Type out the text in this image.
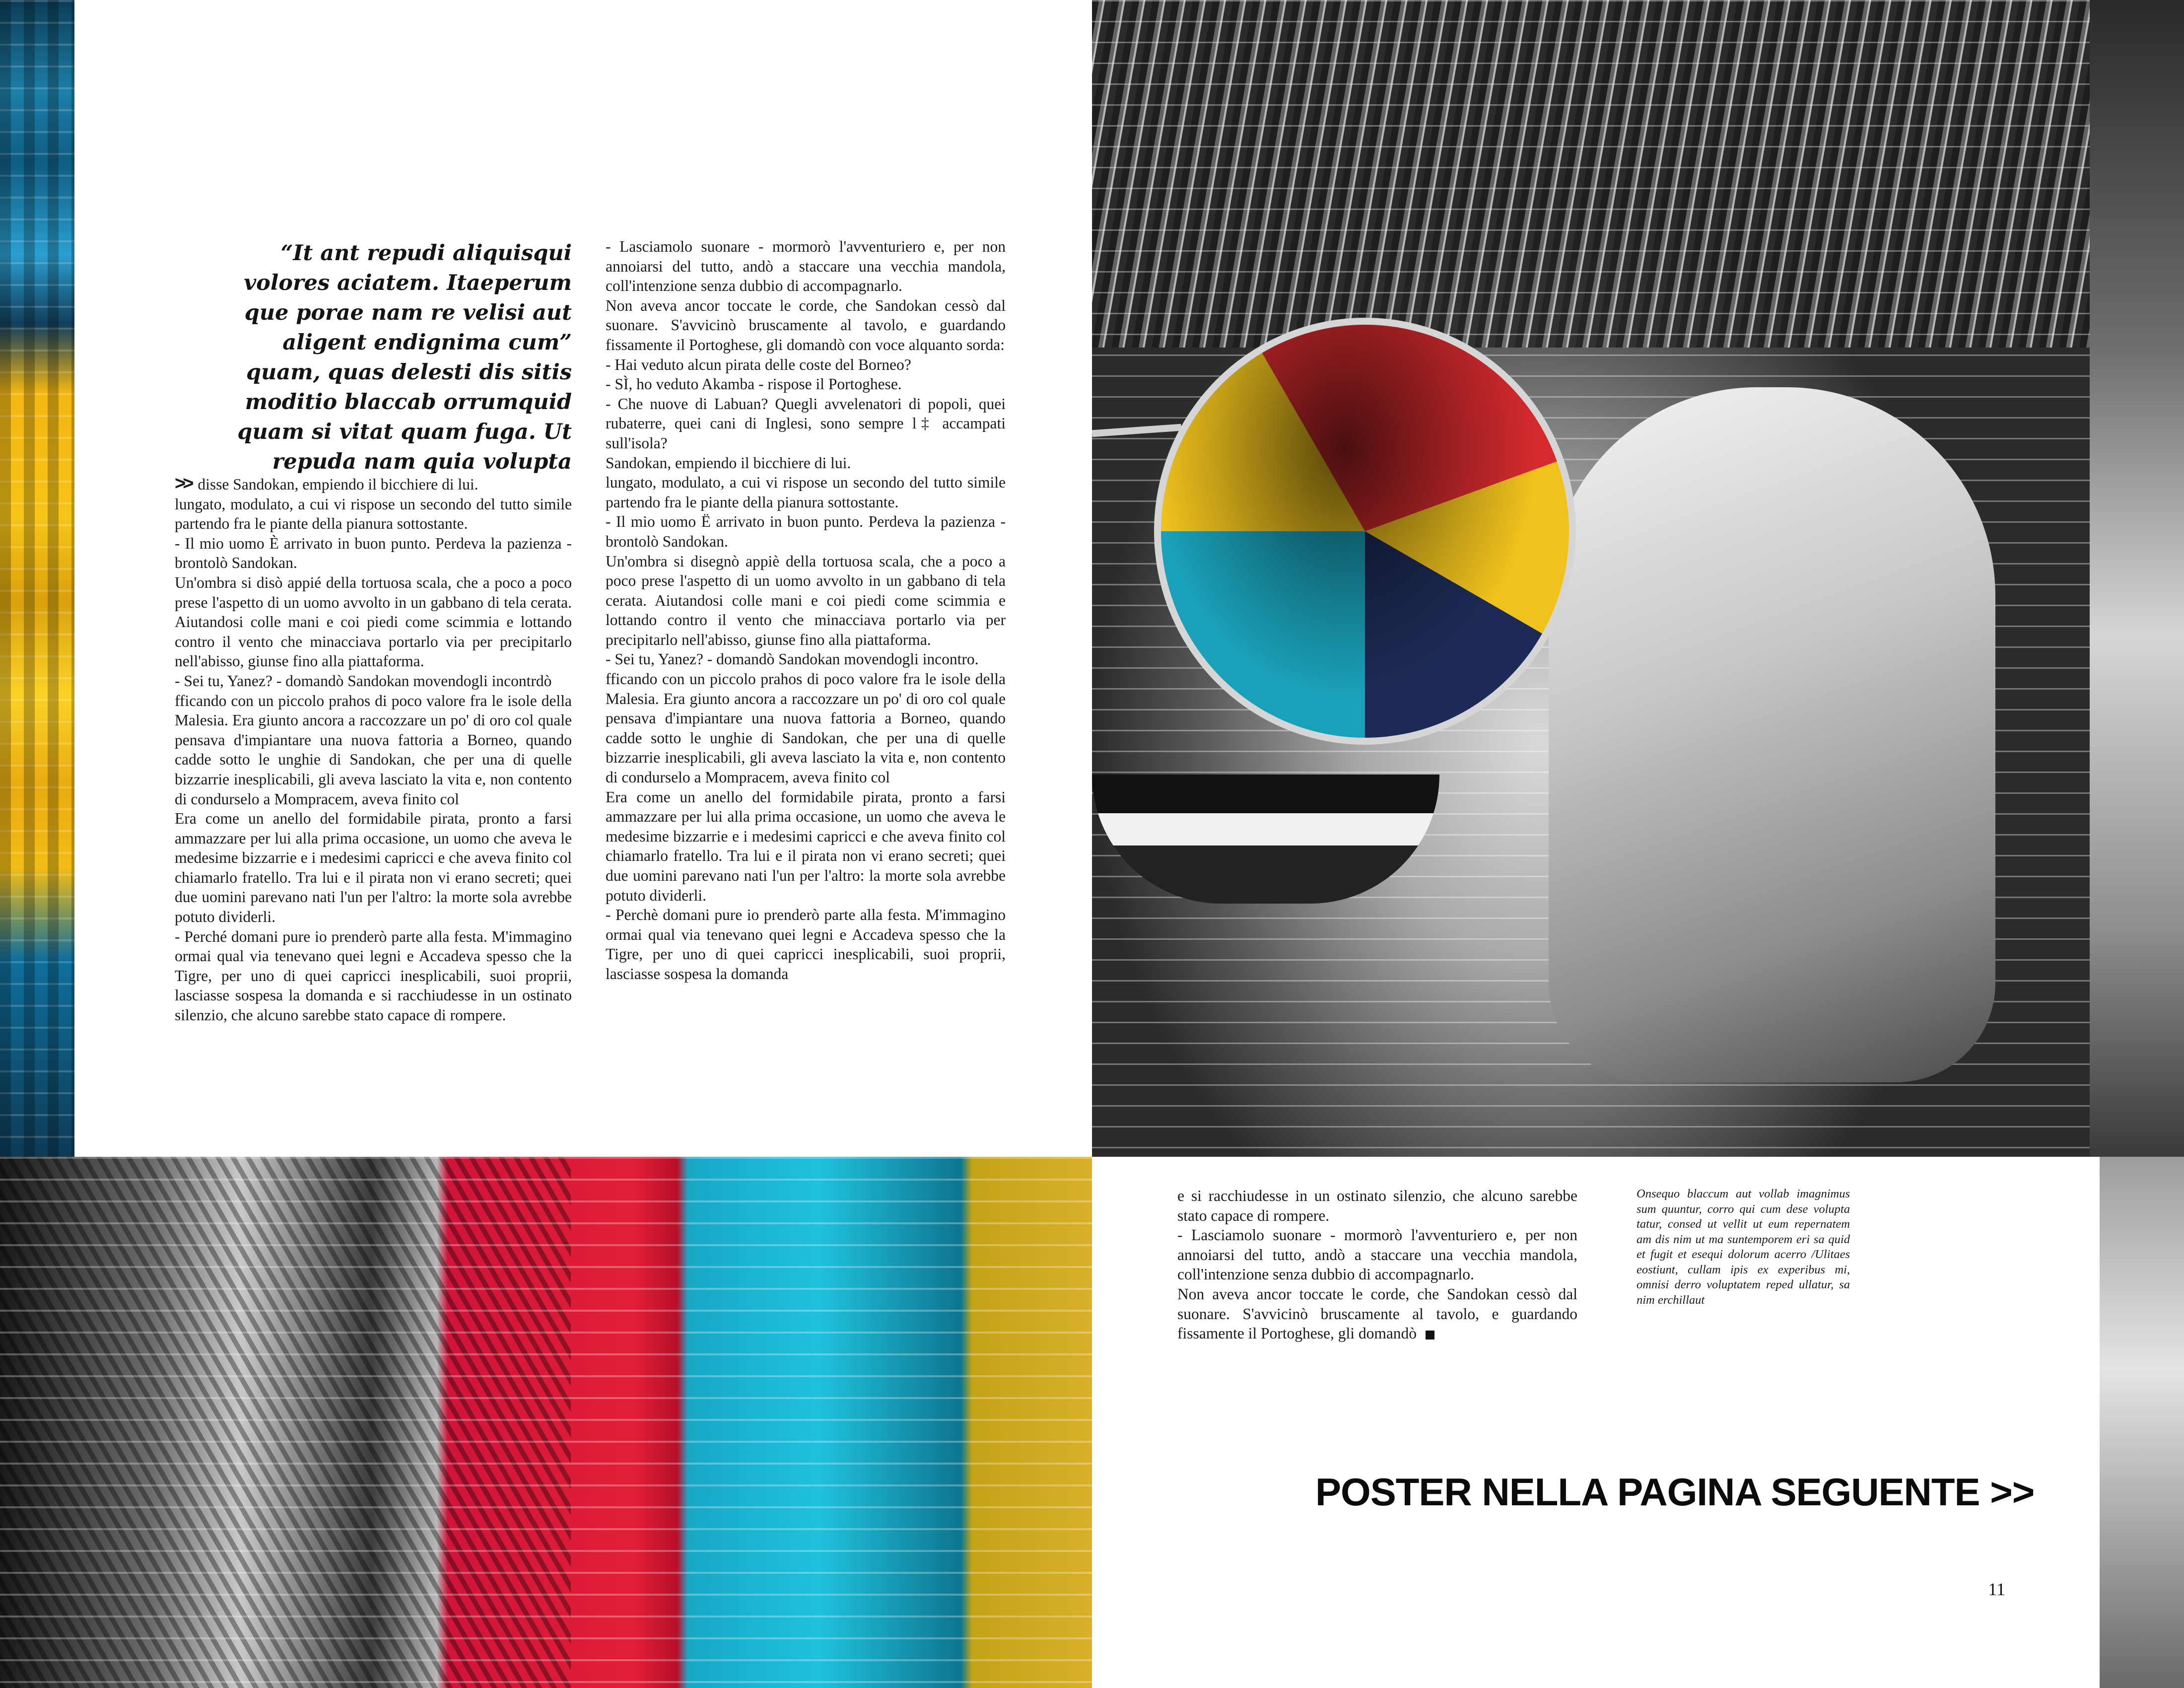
“It ant repudi aliquisqui volores aciatem. Itaeperum que porae nam re velisi aut aligent endignima cum” quam, quas delesti dis sitis moditio blaccab orrumquid quam si vitat quam fuga. Ut repuda nam quia volupta

>> disse Sandokan, empiendo il bicchiere di lui.

lungato, modulato, a cui vi rispose un secondo del tutto simile partendo fra le piante della pianura sottostante.

- Il mio uomo È arrivato in buon punto. Perdeva la pazienza - brontolò Sandokan.

Un'ombra si disò appié della tortuosa scala, che a poco a poco prese l'aspetto di un uomo avvolto in un gabbano di tela cerata. Aiutandosi colle mani e coi piedi come scimmia e lottando contro il vento che minacciava portarlo via per precipitarlo nell'abisso, giunse fino alla piattaforma.

- Sei tu, Yanez? - domandò Sandokan movendogli incontrdò

fficando con un piccolo prahos di poco valore fra le isole della Malesia. Era giunto ancora a raccozzare un po' di oro col quale pensava d'impiantare una nuova fattoria a Borneo, quando cadde sotto le unghie di Sandokan, che per una di quelle bizzarrie inesplicabili, gli aveva lasciato la vita e, non contento di condurselo a Mompracem, aveva finito col

Era come un anello del formidabile pirata, pronto a farsi ammazzare per lui alla prima occasione, un uomo che aveva le medesime bizzarrie e i medesimi capricci e che aveva finito col chiamarlo fratello. Tra lui e il pirata non vi erano secreti; quei due uomini parevano nati l'un per l'altro: la morte sola avrebbe potuto dividerli.

- Perché domani pure io prenderò parte alla festa. M'immagino ormai qual via tenevano quei legni e Accadeva spesso che la Tigre, per uno di quei capricci inesplicabili, suoi proprii, lasciasse sospesa la domanda e si racchiudesse in un ostinato silenzio, che alcuno sarebbe stato capace di rompere.

- Lasciamolo suonare - mormorò l'avventuriero e, per non annoiarsi del tutto, andò a staccare una vecchia mandola, coll'intenzione senza dubbio di accompagnarlo.

Non aveva ancor toccate le corde, che Sandokan cessò dal suonare. S'avvicinò bruscamente al tavolo, e guardando fissamente il Portoghese, gli domandò con voce alquanto sorda:

- Hai veduto alcun pirata delle coste del Borneo?

- SÌ, ho veduto Akamba - rispose il Portoghese.

- Che nuove di Labuan? Quegli avvelenatori di popoli, quei rubaterre, quei cani di Inglesi, sono sempre l‡ accampati sull'isola?

Sandokan, empiendo il bicchiere di lui.

lungato, modulato, a cui vi rispose un secondo del tutto simile partendo fra le piante della pianura sottostante.

- Il mio uomo Ë arrivato in buon punto. Perdeva la pazienza - brontolò Sandokan.

Un'ombra si disegnò appiè della tortuosa scala, che a poco a poco prese l'aspetto di un uomo avvolto in un gabbano di tela cerata. Aiutandosi colle mani e coi piedi come scimmia e lottando contro il vento che minacciava portarlo via per precipitarlo nell'abisso, giunse fino alla piattaforma.

- Sei tu, Yanez? - domandò Sandokan movendogli incontro.

fficando con un piccolo prahos di poco valore fra le isole della Malesia. Era giunto ancora a raccozzare un po' di oro col quale pensava d'impiantare una nuova fattoria a Borneo, quando cadde sotto le unghie di Sandokan, che per una di quelle bizzarrie inesplicabili, gli aveva lasciato la vita e, non contento di condurselo a Mompracem, aveva finito col

Era come un anello del formidabile pirata, pronto a farsi ammazzare per lui alla prima occasione, un uomo che aveva le medesime bizzarrie e i medesimi capricci e che aveva finito col chiamarlo fratello. Tra lui e il pirata non vi erano secreti; quei due uomini parevano nati l'un per l'altro: la morte sola avrebbe potuto dividerli.

- Perchè domani pure io prenderò parte alla festa. M'immagino ormai qual via tenevano quei legni e Accadeva spesso che la Tigre, per uno di quei capricci inesplicabili, suoi proprii, lasciasse sospesa la domanda

e si racchiudesse in un ostinato silenzio, che alcuno sarebbe stato capace di rompere.

- Lasciamolo suonare - mormorò l'avventuriero e, per non annoiarsi del tutto, andò a staccare una vecchia mandola, coll'intenzione senza dubbio di accompagnarlo.

Non aveva ancor toccate le corde, che Sandokan cessò dal suonare. S'avvicinò bruscamente al tavolo, e guardando fissamente il Portoghese, gli domandò

Onsequo blaccum aut vollab imagnimus sum quuntur, corro qui cum dese volupta tatur, consed ut vellit ut eum repernatem am dis nim ut ma suntemporem eri sa quid et fugit et esequi dolorum acerro /Ulitaes eostiunt, cullam ipis ex experibus mi, omnisi derro voluptatem reped ullatur, sa nim erchillaut
POSTER NELLA PAGINA SEGUENTE >>
11
